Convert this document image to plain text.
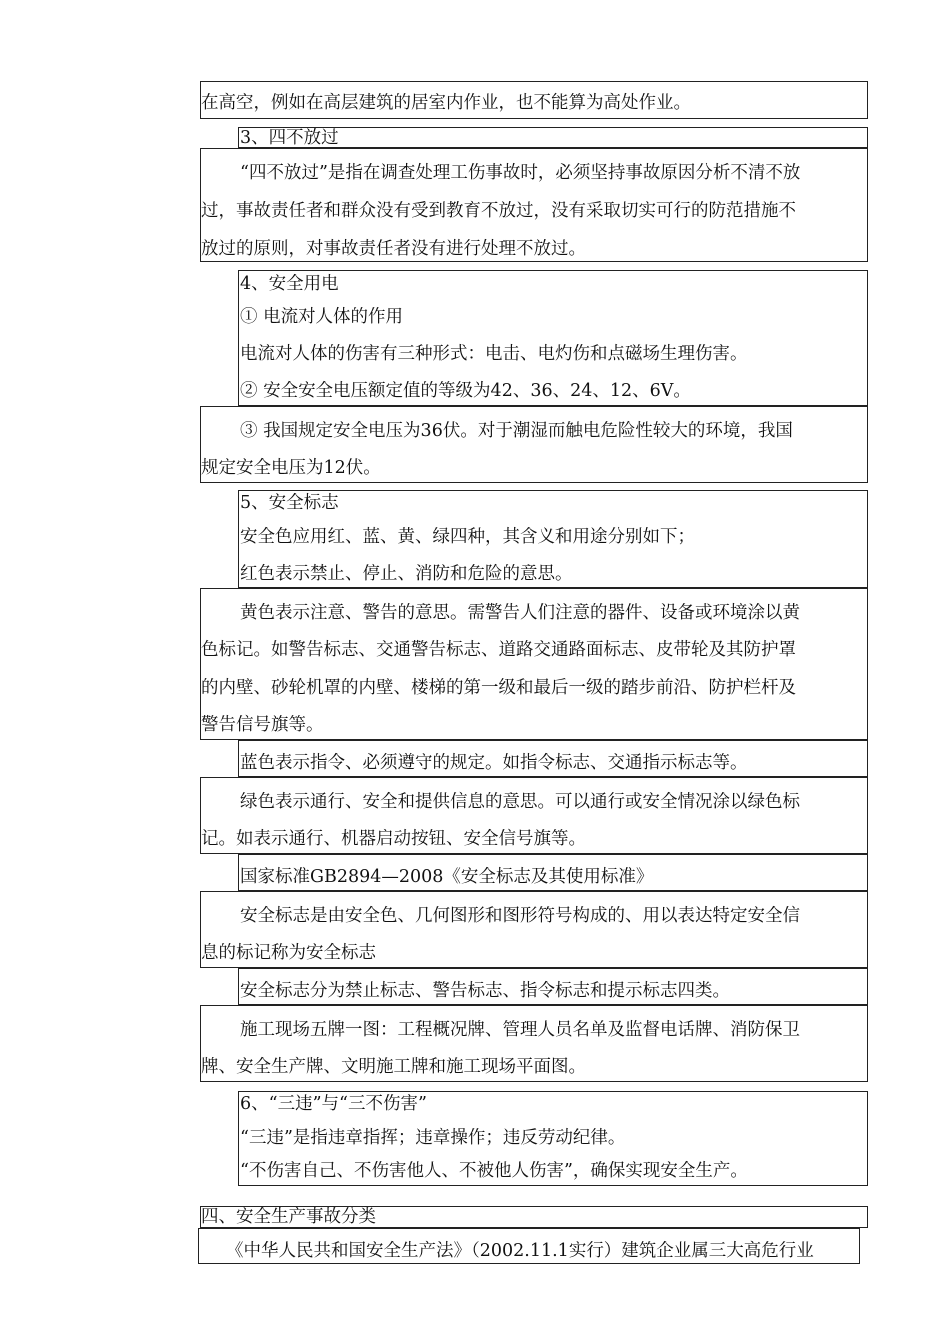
在高空，例如在高层建筑的居室内作业，也不能算为高处作业。
3、四不放过
“四不放过”是指在调查处理工伤事故时，必须坚持事故原因分析不清不放
过，事故责任者和群众没有受到教育不放过，没有采取切实可行的防范措施不
放过的原则，对事故责任者没有进行处理不放过。
4、安全用电
① 电流对人体的作用
电流对人体的伤害有三种形式：电击、电灼伤和点磁场生理伤害。
② 安全安全电压额定值的等级为42、36、24、12、6V。
③ 我国规定安全电压为36伏。对于潮湿而触电危险性较大的环境，我国
规定安全电压为12伏。
5、安全标志
安全色应用红、蓝、黄、绿四种，其含义和用途分别如下；
红色表示禁止、停止、消防和危险的意思。
黄色表示注意、警告的意思。需警告人们注意的器件、设备或环境涂以黄
色标记。如警告标志、交通警告标志、道路交通路面标志、皮带轮及其防护罩
的内壁、砂轮机罩的内壁、楼梯的第一级和最后一级的踏步前沿、防护栏杆及
警告信号旗等。
蓝色表示指令、必须遵守的规定。如指令标志、交通指示标志等。
绿色表示通行、安全和提供信息的意思。可以通行或安全情况涂以绿色标
记。如表示通行、机器启动按钮、安全信号旗等。
国家标准GB2894—2008《安全标志及其使用标准》
安全标志是由安全色、几何图形和图形符号构成的、用以表达特定安全信
息的标记称为安全标志
安全标志分为禁止标志、警告标志、指令标志和提示标志四类。
施工现场五牌一图：工程概况牌、管理人员名单及监督电话牌、消防保卫
牌、安全生产牌、文明施工牌和施工现场平面图。
6、“三违”与“三不伤害”
“三违”是指违章指挥；违章操作；违反劳动纪律。
“不伤害自己、不伤害他人、不被他人伤害”，确保实现安全生产。
四、安全生产事故分类
《中华人民共和国安全生产法》（2002.11.1实行）建筑企业属三大高危行业
